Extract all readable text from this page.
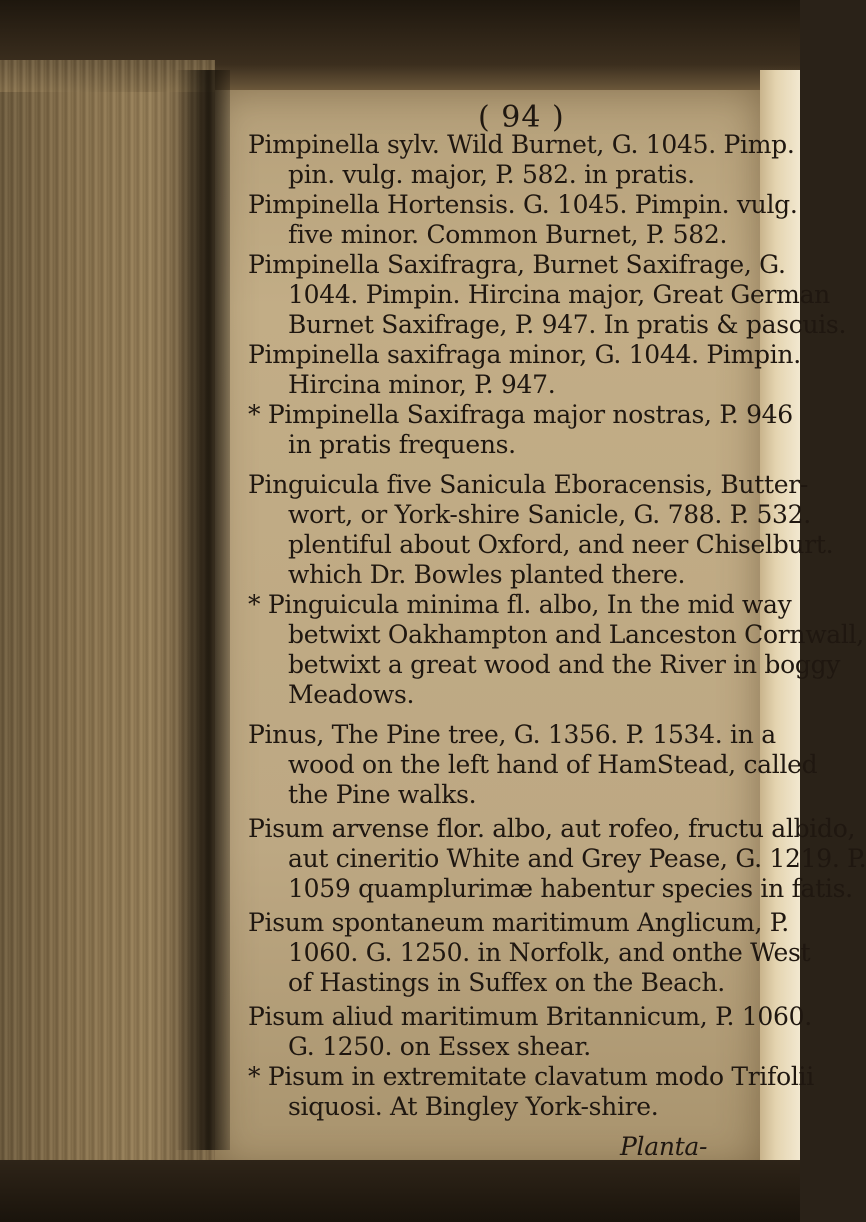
( 94 )
Pimpinella sylv. Wild Burnet, G. 1045. Pimp.
pin. vulg. major, P. 582. in pratis.
Pimpinella Hortensis. G. 1045. Pimpin. vulg.
five minor. Common Burnet, P. 582.
Pimpinella Saxifragra, Burnet Saxifrage, G.
1044. Pimpin. Hircina major, Great German
Burnet Saxifrage, P. 947. In pratis & pascuis.
Pimpinella saxifraga minor, G. 1044. Pimpin.
Hircina minor, P. 947.
* Pimpinella Saxifraga major nostras, P. 946
in pratis frequens.
Pinguicula five Sanicula Eboracensis, Butter-
wort, or York-shire Sanicle, G. 788. P. 532.
plentiful about Oxford, and neer Chiselburt.
which Dr. Bowles planted there.
* Pinguicula minima fl. albo, In the mid way
betwixt Oakhampton and Lanceston Cornwall,
betwixt a great wood and the River in boggy
Meadows.
Pinus, The Pine tree, G. 1356. P. 1534. in a
wood on the left hand of HamStead, called
the Pine walks.
Pisum arvense flor. albo, aut rofeo, fructu albido,
aut cineritio White and Grey Pease, G. 1219. P.
1059 quamplurimæ habentur species in fatis.
Pisum spontaneum maritimum Anglicum, P.
1060. G. 1250. in Norfolk, and onthe West
of Hastings in Suffex on the Beach.
Pisum aliud maritimum Britannicum, P. 1060.
G. 1250. on Essex shear.
* Pisum in extremitate clavatum modo Trifolii
siquosi. At Bingley York-shire.
Planta-
